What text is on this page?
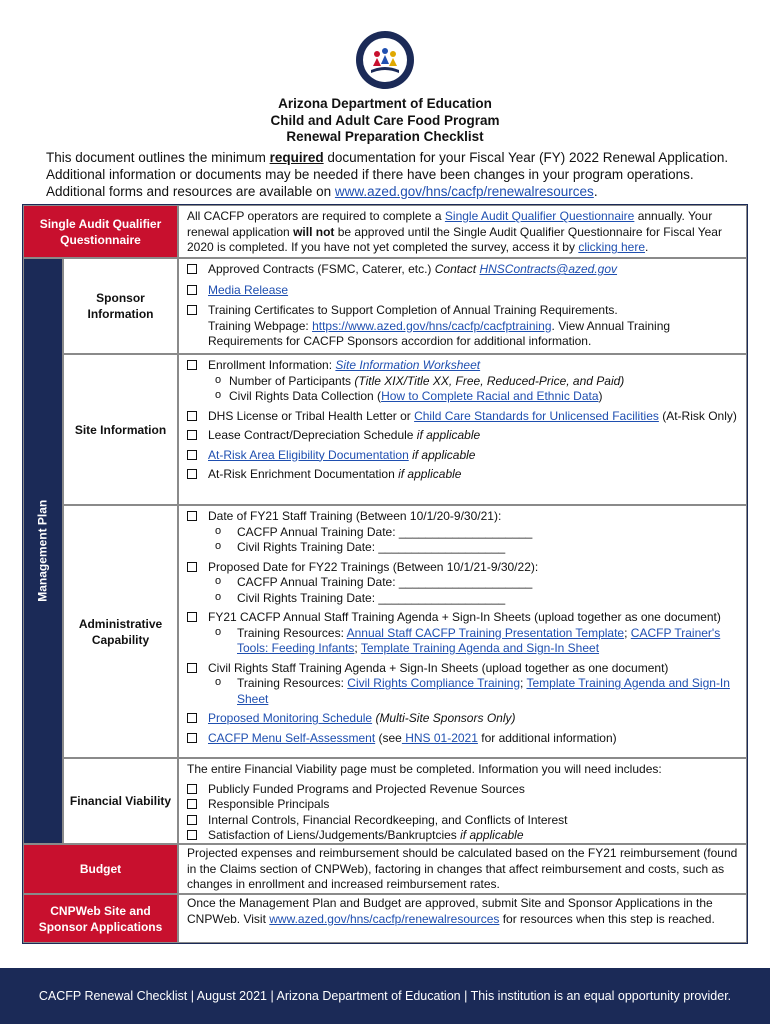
Arizona Department of Education
Child and Adult Care Food Program
Renewal Preparation Checklist
This document outlines the minimum required documentation for your Fiscal Year (FY) 2022 Renewal Application.
Additional information or documents may be needed if there have been changes in your program operations.
Additional forms and resources are available on www.azed.gov/hns/cacfp/renewalresources.
Single Audit Qualifier Questionnaire
All CACFP operators are required to complete a Single Audit Qualifier Questionnaire annually. Your renewal application will not be approved until the Single Audit Qualifier Questionnaire for Fiscal Year 2020 is completed. If you have not yet completed the survey, access it by clicking here.
Management Plan
Sponsor Information
Approved Contracts (FSMC, Caterer, etc.) Contact HNSContracts@azed.gov
Media Release
Training Certificates to Support Completion of Annual Training Requirements.
Training Webpage: https://www.azed.gov/hns/cacfp/cacfptraining. View Annual Training Requirements for CACFP Sponsors accordion for additional information.
Site Information
Enrollment Information: Site Information Worksheet
o Number of Participants (Title XIX/Title XX, Free, Reduced-Price, and Paid)
o Civil Rights Data Collection (How to Complete Racial and Ethnic Data)
DHS License or Tribal Health Letter or Child Care Standards for Unlicensed Facilities (At-Risk Only)
Lease Contract/Depreciation Schedule if applicable
At-Risk Area Eligibility Documentation if applicable
At-Risk Enrichment Documentation if applicable
Administrative Capability
Date of FY21 Staff Training (Between 10/1/20-9/30/21):
o CACFP Annual Training Date: ____________________
o Civil Rights Training Date: ___________________
Proposed Date for FY22 Trainings (Between 10/1/21-9/30/22):
o CACFP Annual Training Date: ____________________
o Civil Rights Training Date: ___________________
FY21 CACFP Annual Staff Training Agenda + Sign-In Sheets (upload together as one document)
o Training Resources: Annual Staff CACFP Training Presentation Template; CACFP Trainer's Tools: Feeding Infants; Template Training Agenda and Sign-In Sheet
Civil Rights Staff Training Agenda + Sign-In Sheets (upload together as one document)
o Training Resources: Civil Rights Compliance Training; Template Training Agenda and Sign-In Sheet
Proposed Monitoring Schedule (Multi-Site Sponsors Only)
CACFP Menu Self-Assessment (see HNS 01-2021 for additional information)
Financial Viability
The entire Financial Viability page must be completed. Information you will need includes:
Publicly Funded Programs and Projected Revenue Sources
Responsible Principals
Internal Controls, Financial Recordkeeping, and Conflicts of Interest
Satisfaction of Liens/Judgements/Bankruptcies if applicable
Budget
Projected expenses and reimbursement should be calculated based on the FY21 reimbursement (found in the Claims section of CNPWeb), factoring in changes that affect reimbursement and costs, such as changes in enrollment and increased reimbursement rates.
CNPWeb Site and Sponsor Applications
Once the Management Plan and Budget are approved, submit Site and Sponsor Applications in the CNPWeb. Visit www.azed.gov/hns/cacfp/renewalresources for resources when this step is reached.
CACFP Renewal Checklist | August 2021 | Arizona Department of Education | This institution is an equal opportunity provider.
